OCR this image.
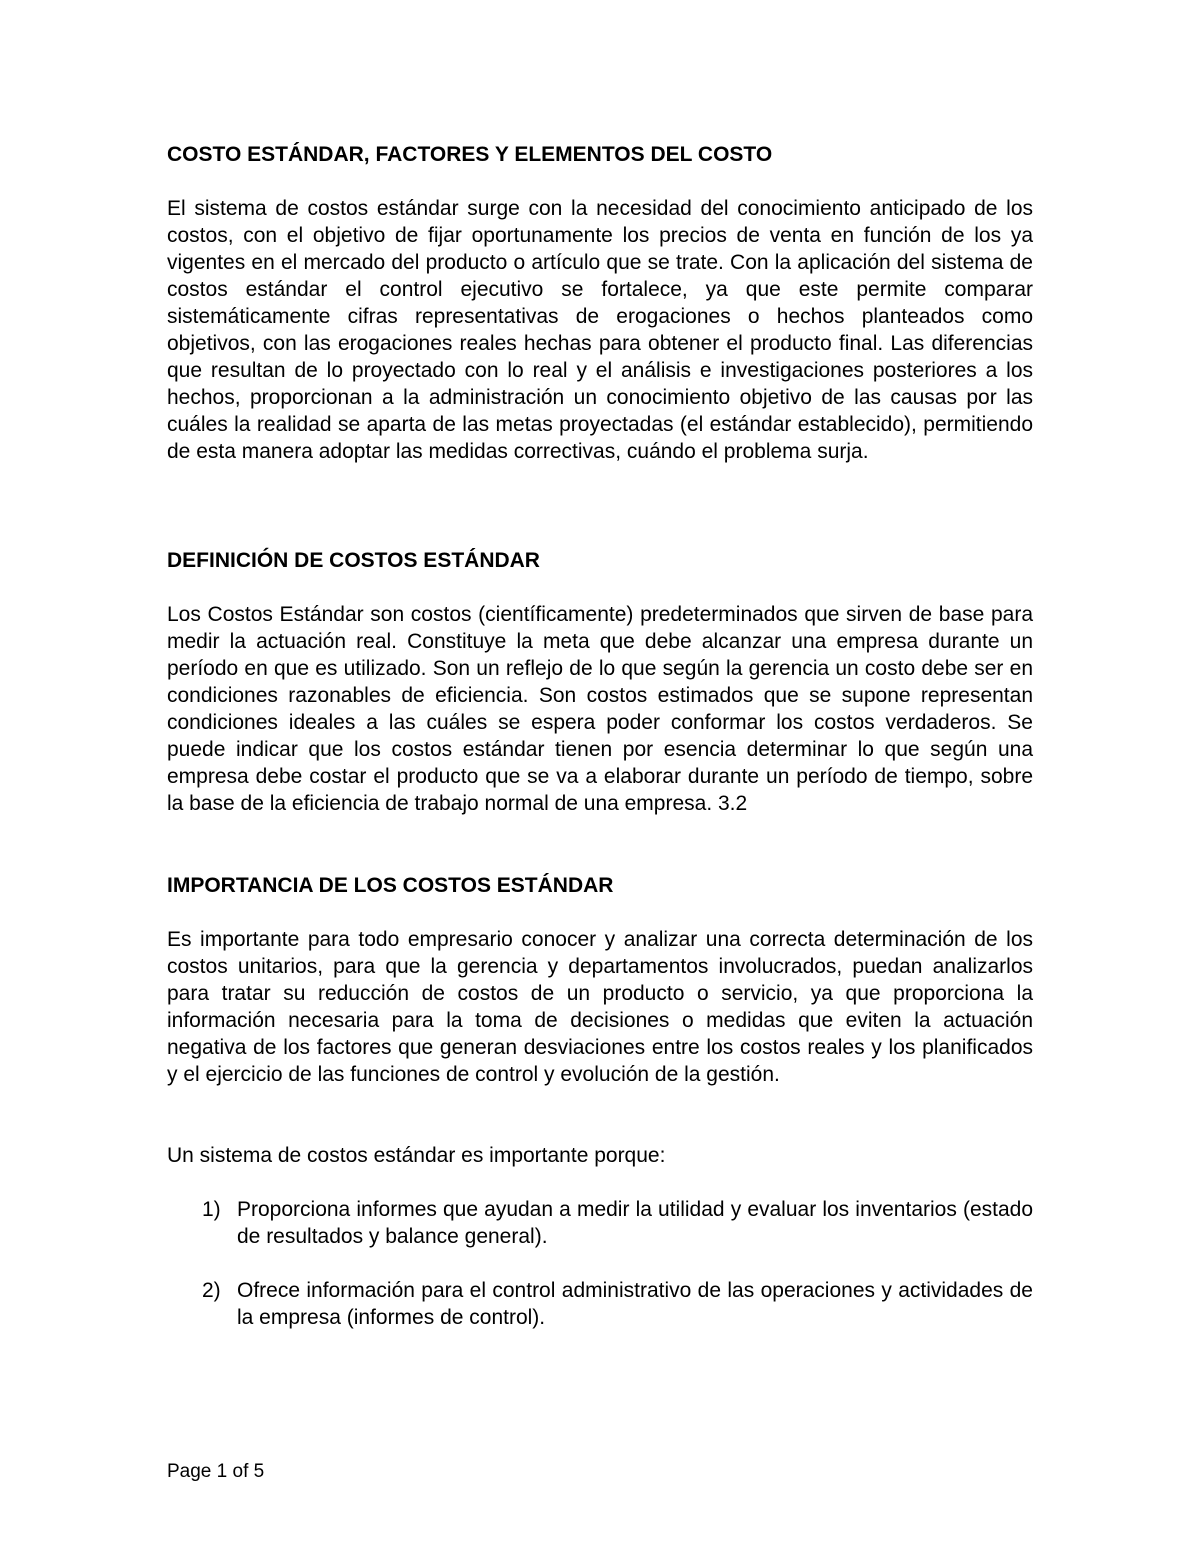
COSTO ESTÁNDAR, FACTORES Y ELEMENTOS DEL COSTO

El sistema de costos estándar surge con la necesidad del conocimiento anticipado de los costos, con el objetivo de fijar oportunamente los precios de venta en función de los ya vigentes en el mercado del producto o artículo que se trate. Con la aplicación del sistema de costos estándar el control ejecutivo se fortalece, ya que este permite comparar sistemáticamente cifras representativas de erogaciones o hechos planteados como objetivos, con las erogaciones reales hechas para obtener el producto final. Las diferencias que resultan de lo proyectado con lo real y el análisis e investigaciones posteriores a los hechos, proporcionan a la administración un conocimiento objetivo de las causas por las cuáles la realidad se aparta de las metas proyectadas (el estándar establecido), permitiendo de esta manera adoptar las medidas correctivas, cuándo el problema surja.

DEFINICIÓN DE COSTOS ESTÁNDAR

Los Costos Estándar son costos (científicamente) predeterminados que sirven de base para medir la actuación real. Constituye la meta que debe alcanzar una empresa durante un período en que es utilizado. Son un reflejo de lo que según la gerencia un costo debe ser en condiciones razonables de eficiencia. Son costos estimados que se supone representan condiciones ideales a las cuáles se espera poder conformar los costos verdaderos. Se puede indicar que los costos estándar tienen por esencia determinar lo que según una empresa debe costar el producto que se va a elaborar durante un período de tiempo, sobre la base de la eficiencia de trabajo normal de una empresa. 3.2

IMPORTANCIA DE LOS COSTOS ESTÁNDAR

Es importante para todo empresario conocer y analizar una correcta determinación de los costos unitarios, para que la gerencia y departamentos involucrados, puedan analizarlos para tratar su reducción de costos de un producto o servicio, ya que proporciona la información necesaria para la toma de decisiones o medidas que eviten la actuación negativa de los factores que generan desviaciones entre los costos reales y los planificados y el ejercicio de las funciones de control y evolución de la gestión.

Un sistema de costos estándar es importante porque:

1) Proporciona informes que ayudan a medir la utilidad y evaluar los inventarios (estado de resultados y balance general).

2) Ofrece información para el control administrativo de las operaciones y actividades de la empresa (informes de control).

Page 1 of 5
